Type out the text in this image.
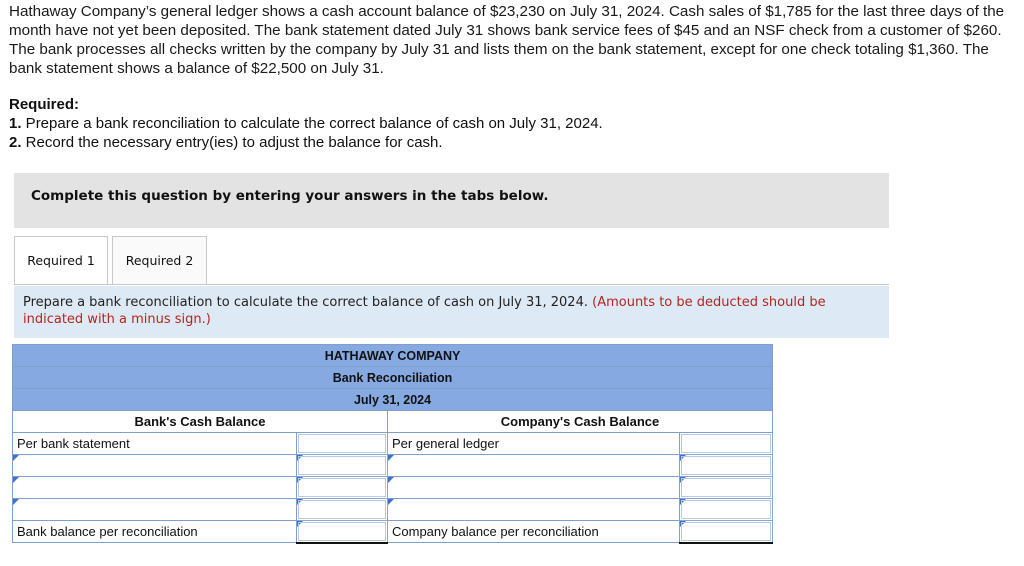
Hathaway Company’s general ledger shows a cash account balance of $23,230 on July 31, 2024. Cash sales of $1,785 for the last three days of the month have not yet been deposited. The bank statement dated July 31 shows bank service fees of $45 and an NSF check from a customer of $260. The bank processes all checks written by the company by July 31 and lists them on the bank statement, except for one check totaling $1,360. The bank statement shows a balance of $22,500 on July 31.
Required:
1. Prepare a bank reconciliation to calculate the correct balance of cash on July 31, 2024.
2. Record the necessary entry(ies) to adjust the balance for cash.
Complete this question by entering your answers in the tabs below.
Required 1	Required 2
Prepare a bank reconciliation to calculate the correct balance of cash on July 31, 2024. (Amounts to be deducted should be indicated with a minus sign.)
HATHAWAY COMPANY			
Bank Reconciliation			
July 31, 2024			
Bank's Cash Balance		Company's Cash Balance	
Per bank statement		Per general ledger	

Bank balance per reconciliation		Company balance per reconciliation	
